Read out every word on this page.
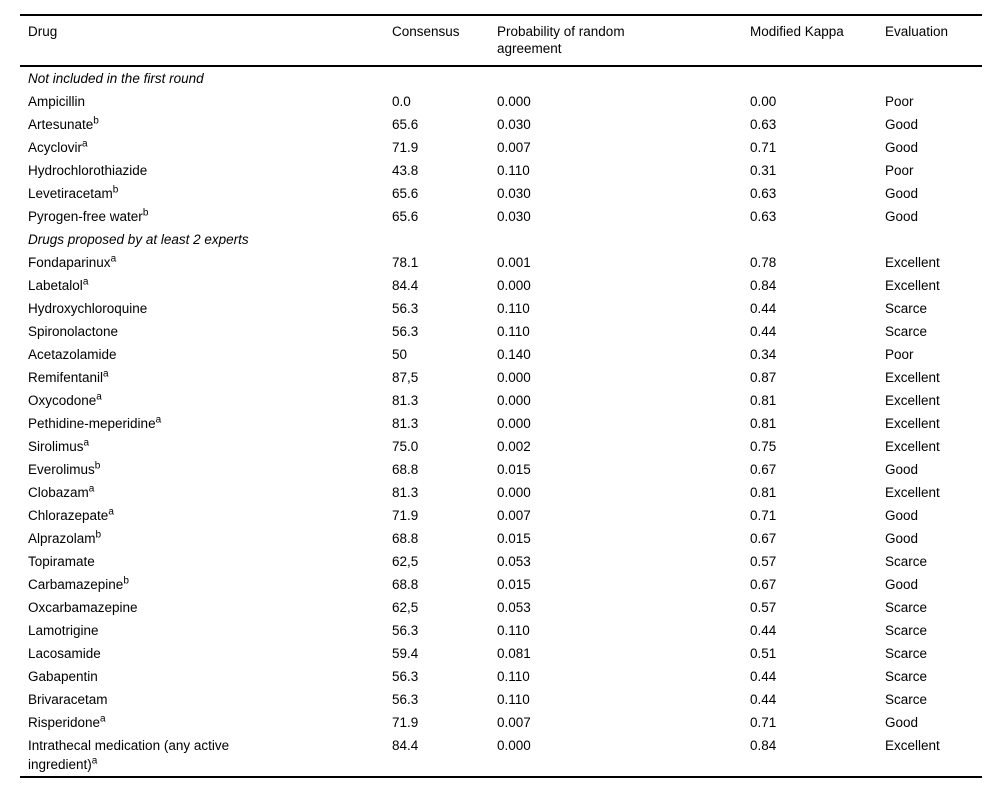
Drug	Consensus	Probability of random agreement	Modified Kappa	Evaluation

Not included in the first round				

Ampicillin	0.0	0.000	0.00	Poor

Artesunate$^b$	65.6	0.030	0.63	Good

Acyclovir$^a$	71.9	0.007	0.71	Good

Hydrochlorothiazide	43.8	0.110	0.31	Poor

Levetiracetam$^b$	65.6	0.030	0.63	Good

Pyrogen-free water$^b$	65.6	0.030	0.63	Good
Drugs proposed by at least 2 experts				

Fondaparinux$^a$	78.1	0.001	0.78	Excellent

Labetalol$^a$	84.4	0.000	0.84	Excellent

Hydroxychloroquine	56.3	0.110	0.44	Scarce

Spironolactone	56.3	0.110	0.44	Scarce

Acetazolamide	50	0.140	0.34	Poor

Remifentanil$^a$	87,5	0.000	0.87	Excellent

Oxycodone$^a$	81.3	0.000	0.81	Excellent

Pethidine-meperidine$^a$	81.3	0.000	0.81	Excellent

Sirolimus$^a$	75.0	0.002	0.75	Excellent

Everolimus$^b$	68.8	0.015	0.67	Good

Clobazam$^a$	81.3	0.000	0.81	Excellent

Chlorazepate$^a$	71.9	0.007	0.71	Good

Alprazolam$^b$	68.8	0.015	0.67	Good

Topiramate	62,5	0.053	0.57	Scarce

Carbamazepine$^b$	68.8	0.015	0.67	Good

Oxcarbamazepine	62,5	0.053	0.57	Scarce

Lamotrigine	56.3	0.110	0.44	Scarce

Lacosamide	59.4	0.081	0.51	Scarce

Gabapentin	56.3	0.110	0.44	Scarce

Brivaracetam	56.3	0.110	0.44	Scarce

Risperidone$^a$	71.9	0.007	0.71	Good

Intrathecal medication (any active ingredient)$^a$	84.4	0.000	0.84	Excellent
